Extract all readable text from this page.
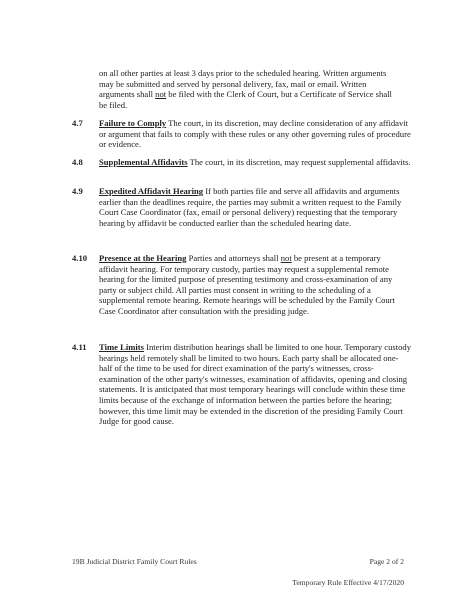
on all other parties at least 3 days prior to the scheduled hearing. Written arguments may be submitted and served by personal delivery, fax, mail or email. Written arguments shall not be filed with the Clerk of Court, but a Certificate of Service shall be filed.
4.7 Failure to Comply The court, in its discretion, may decline consideration of any affidavit or argument that fails to comply with these rules or any other governing rules of procedure or evidence.
4.8 Supplemental Affidavits The court, in its discretion, may request supplemental affidavits.
4.9 Expedited Affidavit Hearing If both parties file and serve all affidavits and arguments earlier than the deadlines require, the parties may submit a written request to the Family Court Case Coordinator (fax, email or personal delivery) requesting that the temporary hearing by affidavit be conducted earlier than the scheduled hearing date.
4.10 Presence at the Hearing Parties and attorneys shall not be present at a temporary affidavit hearing. For temporary custody, parties may request a supplemental remote hearing for the limited purpose of presenting testimony and cross-examination of any party or subject child. All parties must consent in writing to the scheduling of a supplemental remote hearing. Remote hearings will be scheduled by the Family Court Case Coordinator after consultation with the presiding judge.
4.11 Time Limits Interim distribution hearings shall be limited to one hour. Temporary custody hearings held remotely shall be limited to two hours. Each party shall be allocated one-half of the time to be used for direct examination of the party's witnesses, cross-examination of the other party's witnesses, examination of affidavits, opening and closing statements. It is anticipated that most temporary hearings will conclude within these time limits because of the exchange of information between the parties before the hearing; however, this time limit may be extended in the discretion of the presiding Family Court Judge for good cause.
19B Judicial District Family Court Rules	Page 2 of 2
Temporary Rule Effective 4/17/2020
